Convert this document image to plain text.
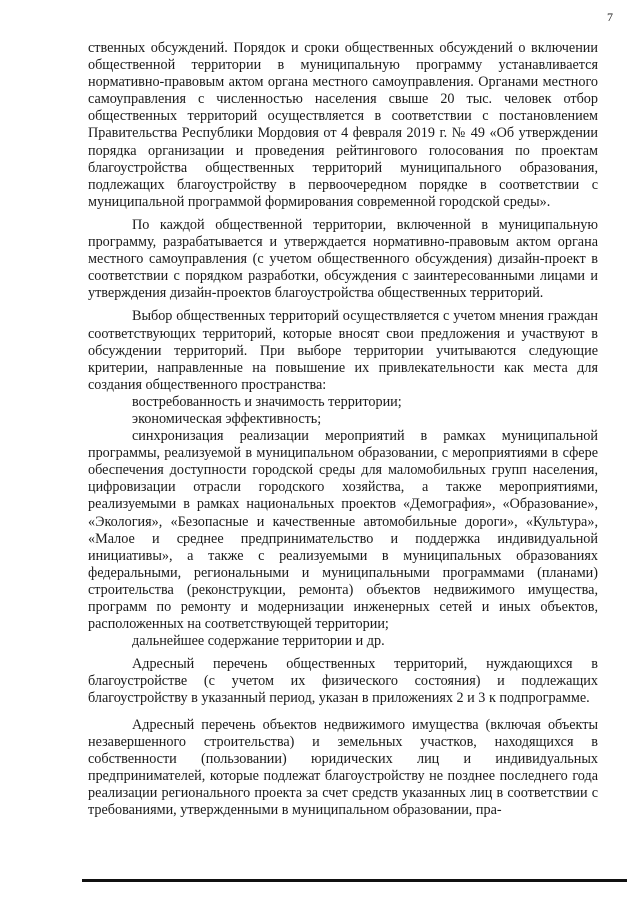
7

ственных обсуждений. Порядок и сроки общественных обсуждений о включении общественной территории в муниципальную программу устанавливается нормативно-правовым актом органа местного самоуправления. Органами местного самоуправления с численностью населения свыше 20 тыс. человек отбор общественных территорий осуществляется в соответствии с постановлением Правительства Республики Мордовия от 4 февраля 2019 г. № 49 «Об утверждении порядка организации и проведения рейтингового голосования по проектам благоустройства общественных территорий муниципального образования, подлежащих благоустройству в первоочередном порядке в соответствии с муниципальной программой формирования современной городской среды».

По каждой общественной территории, включенной в муниципальную программу, разрабатывается и утверждается нормативно-правовым актом органа местного самоуправления (с учетом общественного обсуждения) дизайн-проект в соответствии с порядком разработки, обсуждения с заинтересованными лицами и утверждения дизайн-проектов благоустройства общественных территорий.

Выбор общественных территорий осуществляется с учетом мнения граждан соответствующих территорий, которые вносят свои предложения и участвуют в обсуждении территорий. При выборе территории учитываются следующие критерии, направленные на повышение их привлекательности как места для создания общественного пространства:

востребованность и значимость территории;

экономическая эффективность;

синхронизация реализации мероприятий в рамках муниципальной программы, реализуемой в муниципальном образовании, с мероприятиями в сфере обеспечения доступности городской среды для маломобильных групп населения, цифровизации отрасли городского хозяйства, а также мероприятиями, реализуемыми в рамках национальных проектов «Демография», «Образование», «Экология», «Безопасные и качественные автомобильные дороги», «Культура», «Малое и среднее предпринимательство и поддержка индивидуальной инициативы», а также с реализуемыми в муниципальных образованиях федеральными, региональными и муниципальными программами (планами) строительства (реконструкции, ремонта) объектов недвижимого имущества, программ по ремонту и модернизации инженерных сетей и иных объектов, расположенных на соответствующей территории;

дальнейшее содержание территории и др.

Адресный перечень общественных территорий, нуждающихся в благоустройстве (с учетом их физического состояния) и подлежащих благоустройству в указанный период, указан в приложениях 2 и 3 к подпрограмме.

Адресный перечень объектов недвижимого имущества (включая объекты незавершенного строительства) и земельных участков, находящихся в собственности (пользовании) юридических лиц и индивидуальных предпринимателей, которые подлежат благоустройству не позднее последнего года реализации регионального проекта за счет средств указанных лиц в соответствии с требованиями, утвержденными в муниципальном образовании, пра-
